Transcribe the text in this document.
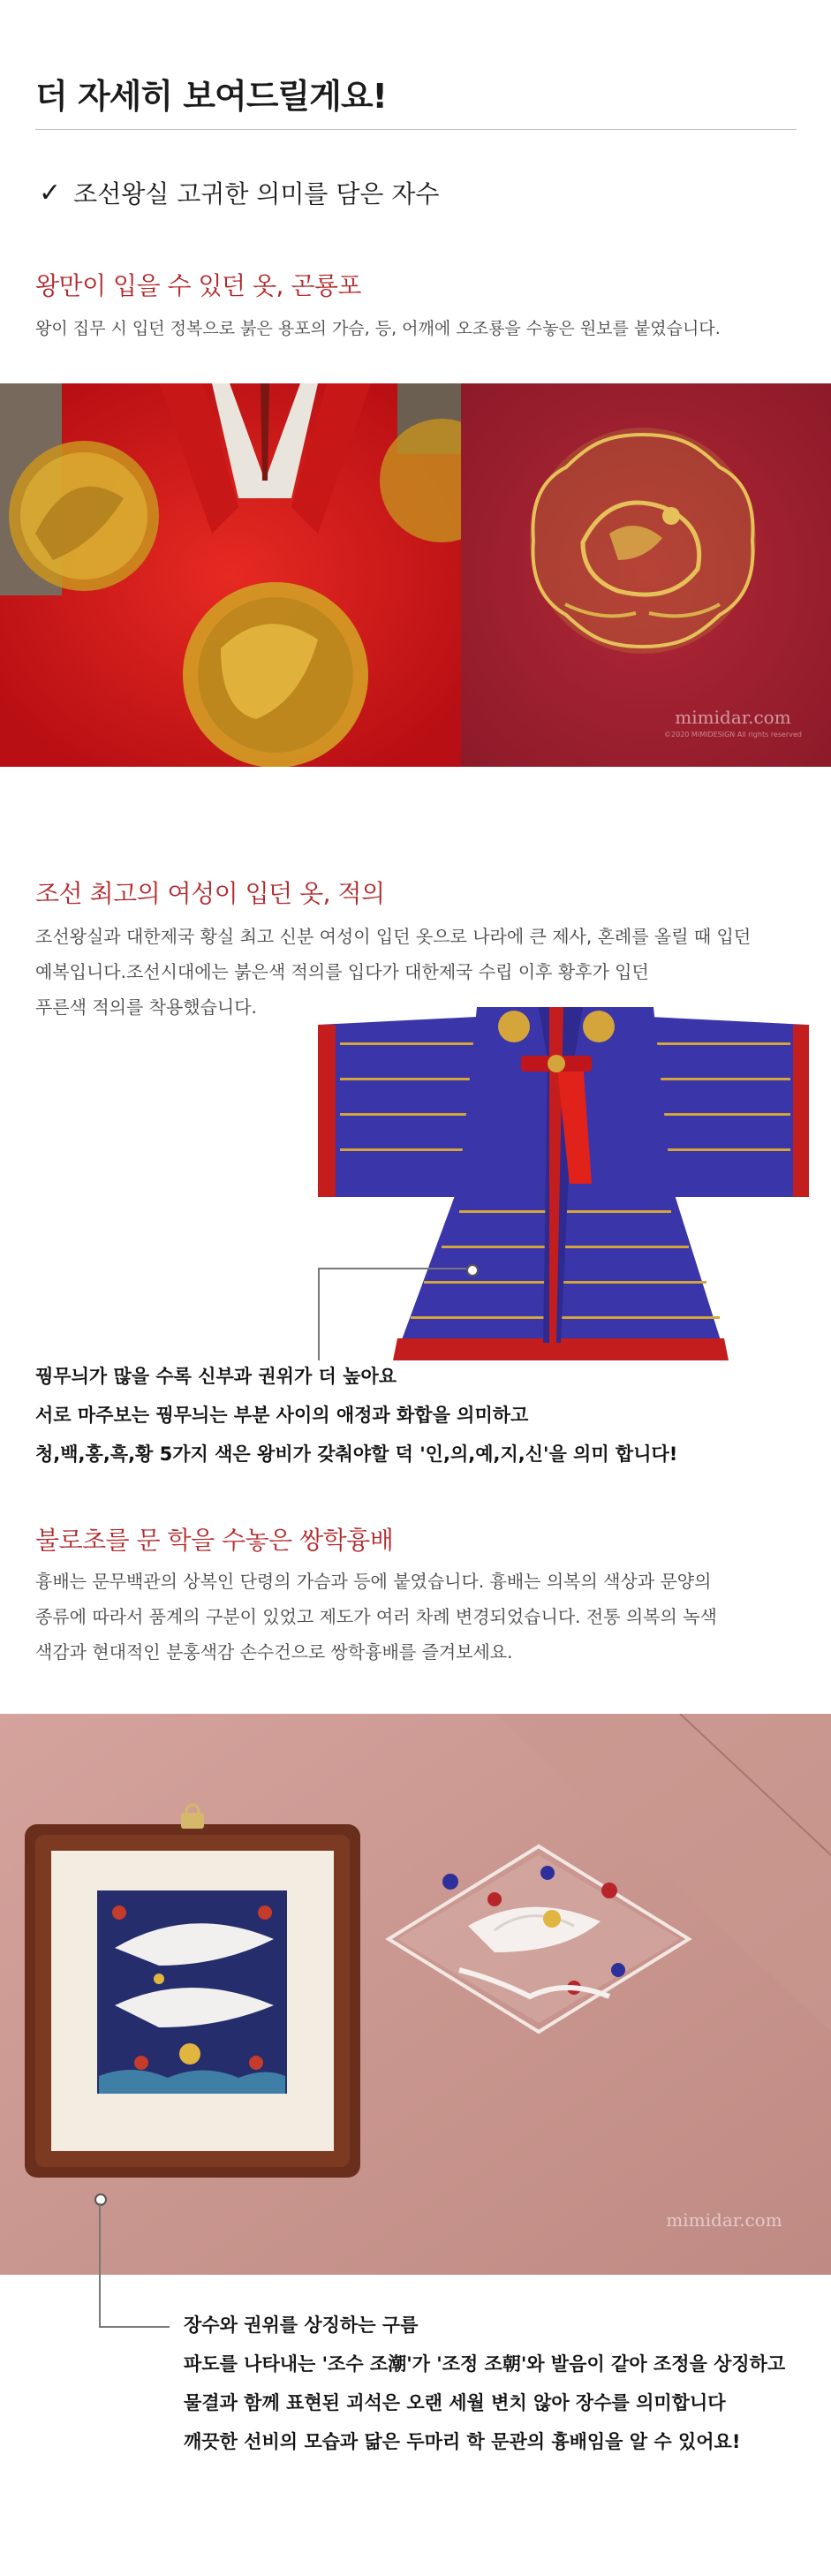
더 자세히 보여드릴게요!
✓ 조선왕실 고귀한 의미를 담은 자수
왕만이 입을 수 있던 옷, 곤룡포
왕이 집무 시 입던 정복으로 붉은 용포의 가슴, 등, 어깨에 오조룡을 수놓은 원보를 붙였습니다.
mimidar.com
©2020 MIMIDESIGN All rights reserved
조선 최고의 여성이 입던 옷, 적의
조선왕실과 대한제국 황실 최고 신분 여성이 입던 옷으로 나라에 큰 제사, 혼례를 올릴 때 입던
예복입니다.조선시대에는 붉은색 적의를 입다가 대한제국 수립 이후 황후가 입던
푸른색 적의를 착용했습니다.
꿩무늬가 많을 수록 신부과 권위가 더 높아요
서로 마주보는 꿩무늬는 부분 사이의 애정과 화합을 의미하고
청,백,홍,흑,황 5가지 색은 왕비가 갖춰야할 덕 '인,의,예,지,신'을 의미 합니다!
불로초를 문 학을 수놓은 쌍학흉배
흉배는 문무백관의 상복인 단령의 가슴과 등에 붙였습니다. 흉배는 의복의 색상과 문양의
종류에 따라서 품계의 구분이 있었고 제도가 여러 차례 변경되었습니다. 전통 의복의 녹색
색감과 현대적인 분홍색감 손수건으로 쌍학흉배를 즐겨보세요.
mimidar.com
장수와 권위를 상징하는 구름
파도를 나타내는 '조수 조潮'가 '조정 조朝'와 발음이 같아 조정을 상징하고
물결과 함께 표현된 괴석은 오랜 세월 변치 않아 장수를 의미합니다
깨끗한 선비의 모습과 닮은 두마리 학 문관의 흉배임을 알 수 있어요!
